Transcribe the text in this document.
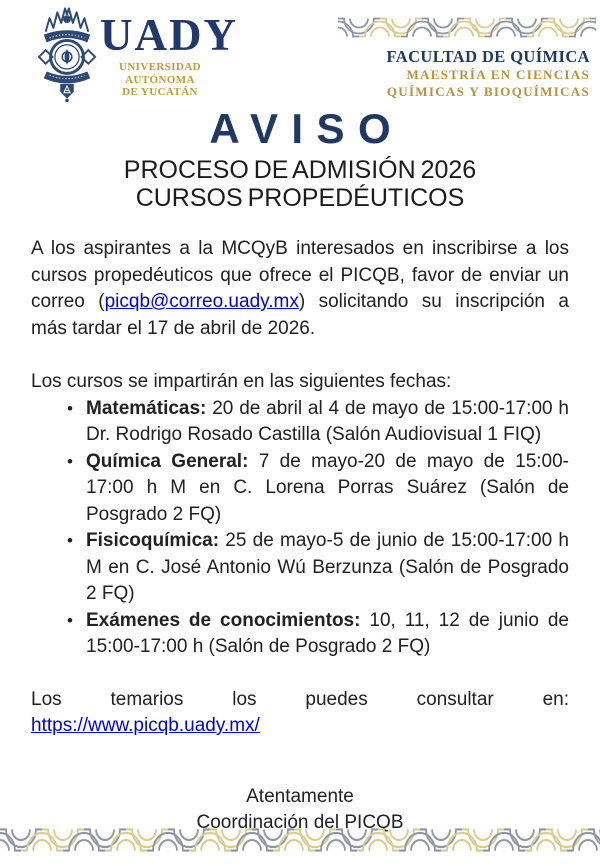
UADY
UNIVERSIDAD
AUTÓNOMA
DE YUCATÁN
FACULTAD DE QUÍMICA
MAESTRÍA EN CIENCIAS
QUÍMICAS Y BIOQUÍMICAS
AVISO
PROCESO DE ADMISIÓN 2026
CURSOS PROPEDÉUTICOS

A los aspirantes a la MCQyB interesados en inscribirse a los cursos propedéuticos que ofrece el PICQB, favor de enviar un correo (picqb@correo.uady.mx) solicitando su inscripción a más tardar el 17 de abril de 2026.

Los cursos se impartirán en las siguientes fechas:

• Matemáticas: 20 de abril al 4 de mayo de 15:00-17:00 h Dr. Rodrigo Rosado Castilla (Salón Audiovisual 1 FIQ)
• Química General: 7 de mayo-20 de mayo de 15:00-17:00 h M en C. Lorena Porras Suárez (Salón de Posgrado 2 FQ)
• Fisicoquímica: 25 de mayo-5 de junio de 15:00-17:00 h M en C. José Antonio Wú Berzunza (Salón de Posgrado 2 FQ)
• Exámenes de conocimientos: 10, 11, 12 de junio de 15:00-17:00 h (Salón de Posgrado 2 FQ)

Los temarios los puedes consultar en: https://www.picqb.uady.mx/

Atentamente
